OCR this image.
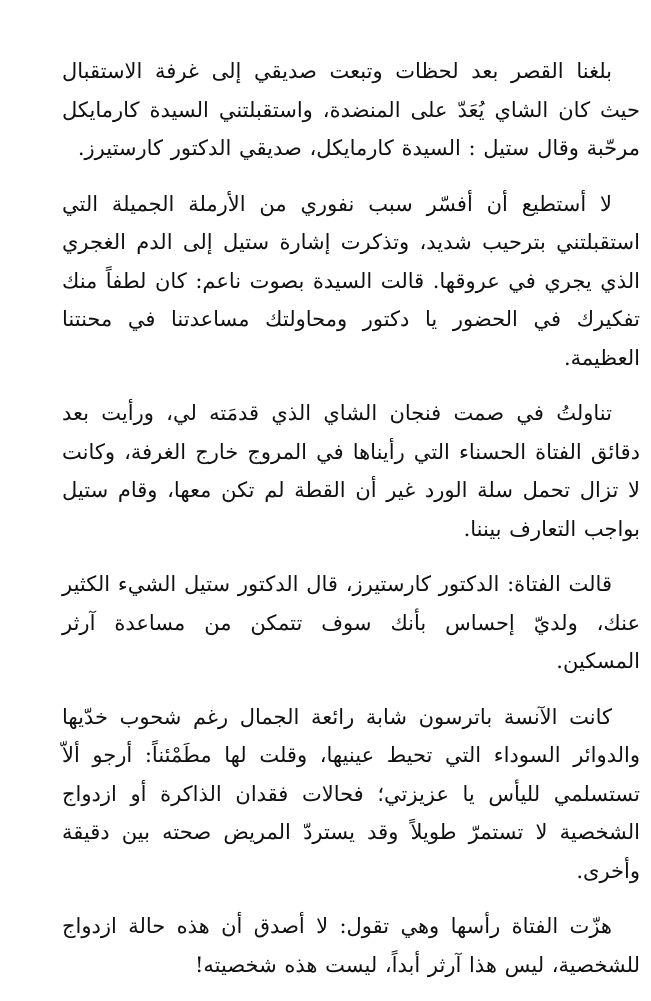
بلغنا القصر بعد لحظات وتبعت صديقي إلى غرفة الاستقبال حيث كان الشاي يُعَدّ على المنضدة، واستقبلتني السيدة كارمايكل مرحّبة وقال ستيل : السيدة كارمايكل، صديقي الدكتور كارستيرز.

لا أستطيع أن أفسّر سبب نفوري من الأرملة الجميلة التي استقبلتني بترحيب شديد، وتذكرت إشارة ستيل إلى الدم الغجري الذي يجري في عروقها. قالت السيدة بصوت ناعم: كان لطفاً منك تفكيرك في الحضور يا دكتور ومحاولتك مساعدتنا في محنتنا العظيمة.

تناولتُ في صمت فنجان الشاي الذي قدمَته لي، ورأيت بعد دقائق الفتاة الحسناء التي رأيناها في المروج خارج الغرفة، وكانت لا تزال تحمل سلة الورد غير أن القطة لم تكن معها، وقام ستيل بواجب التعارف بيننا.

قالت الفتاة: الدكتور كارستيرز، قال الدكتور ستيل الشيء الكثير عنك، ولديّ إحساس بأنك سوف تتمكن من مساعدة آرثر المسكين.

كانت الآنسة باترسون شابة رائعة الجمال رغم شحوب خدّيها والدوائر السوداء التي تحيط عينيها، وقلت لها مطَمْئناً: أرجو ألاّ تستسلمي لليأس يا عزيزتي؛ فحالات فقدان الذاكرة أو ازدواج الشخصية لا تستمرّ طويلاً وقد يستردّ المريض صحته بين دقيقة وأخرى.

هزّت الفتاة رأسها وهي تقول: لا أصدق أن هذه حالة ازدواج للشخصية، ليس هذا آرثر أبداً، ليست هذه شخصيته!
